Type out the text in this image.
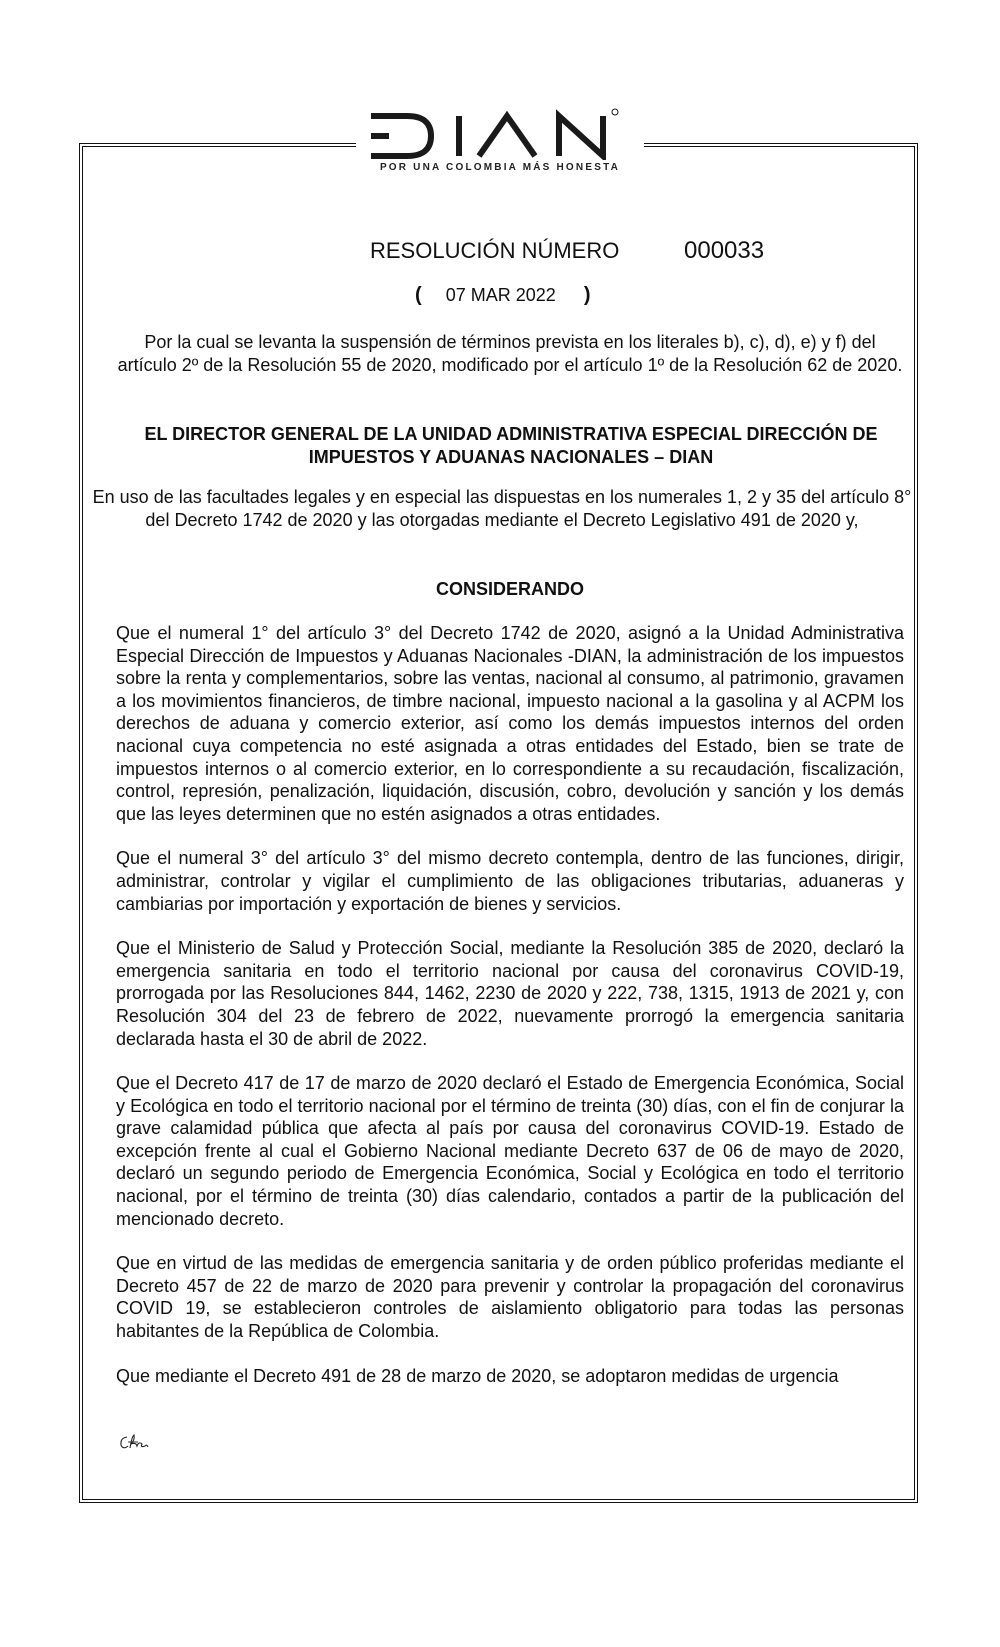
POR UNA COLOMBIA MÁS HONESTA
RESOLUCIÓN NÚMERO	000033
( 07 MAR 2022 )

Por la cual se levanta la suspensión de términos prevista en los literales b), c), d), e) y f) del artículo 2º de la Resolución 55 de 2020, modificado por el artículo 1º de la Resolución 62 de 2020.

EL DIRECTOR GENERAL DE LA UNIDAD ADMINISTRATIVA ESPECIAL DIRECCIÓN DE IMPUESTOS Y ADUANAS NACIONALES – DIAN

En uso de las facultades legales y en especial las dispuestas en los numerales 1, 2 y 35 del artículo 8° del Decreto 1742 de 2020 y las otorgadas mediante el Decreto Legislativo 491 de 2020 y,

CONSIDERANDO

Que el numeral 1° del artículo 3° del Decreto 1742 de 2020, asignó a la Unidad Administrativa Especial Dirección de Impuestos y Aduanas Nacionales -DIAN, la administración de los impuestos sobre la renta y complementarios, sobre las ventas, nacional al consumo, al patrimonio, gravamen a los movimientos financieros, de timbre nacional, impuesto nacional a la gasolina y al ACPM los derechos de aduana y comercio exterior, así como los demás impuestos internos del orden nacional cuya competencia no esté asignada a otras entidades del Estado, bien se trate de impuestos internos o al comercio exterior, en lo correspondiente a su recaudación, fiscalización, control, represión, penalización, liquidación, discusión, cobro, devolución y sanción y los demás que las leyes determinen que no estén asignados a otras entidades.

Que el numeral 3° del artículo 3° del mismo decreto contempla, dentro de las funciones, dirigir, administrar, controlar y vigilar el cumplimiento de las obligaciones tributarias, aduaneras y cambiarias por importación y exportación de bienes y servicios.

Que el Ministerio de Salud y Protección Social, mediante la Resolución 385 de 2020, declaró la emergencia sanitaria en todo el territorio nacional por causa del coronavirus COVID-19, prorrogada por las Resoluciones 844, 1462, 2230 de 2020 y 222, 738, 1315, 1913 de 2021 y, con Resolución 304 del 23 de febrero de 2022, nuevamente prorrogó la emergencia sanitaria declarada hasta el 30 de abril de 2022.

Que el Decreto 417 de 17 de marzo de 2020 declaró el Estado de Emergencia Económica, Social y Ecológica en todo el territorio nacional por el término de treinta (30) días, con el fin de conjurar la grave calamidad pública que afecta al país por causa del coronavirus COVID-19. Estado de excepción frente al cual el Gobierno Nacional mediante Decreto 637 de 06 de mayo de 2020, declaró un segundo periodo de Emergencia Económica, Social y Ecológica en todo el territorio nacional, por el término de treinta (30) días calendario, contados a partir de la publicación del mencionado decreto.

Que en virtud de las medidas de emergencia sanitaria y de orden público proferidas mediante el Decreto 457 de 22 de marzo de 2020 para prevenir y controlar la propagación del coronavirus COVID 19, se establecieron controles de aislamiento obligatorio para todas las personas habitantes de la República de Colombia.

Que mediante el Decreto 491 de 28 de marzo de 2020, se adoptaron medidas de urgencia
